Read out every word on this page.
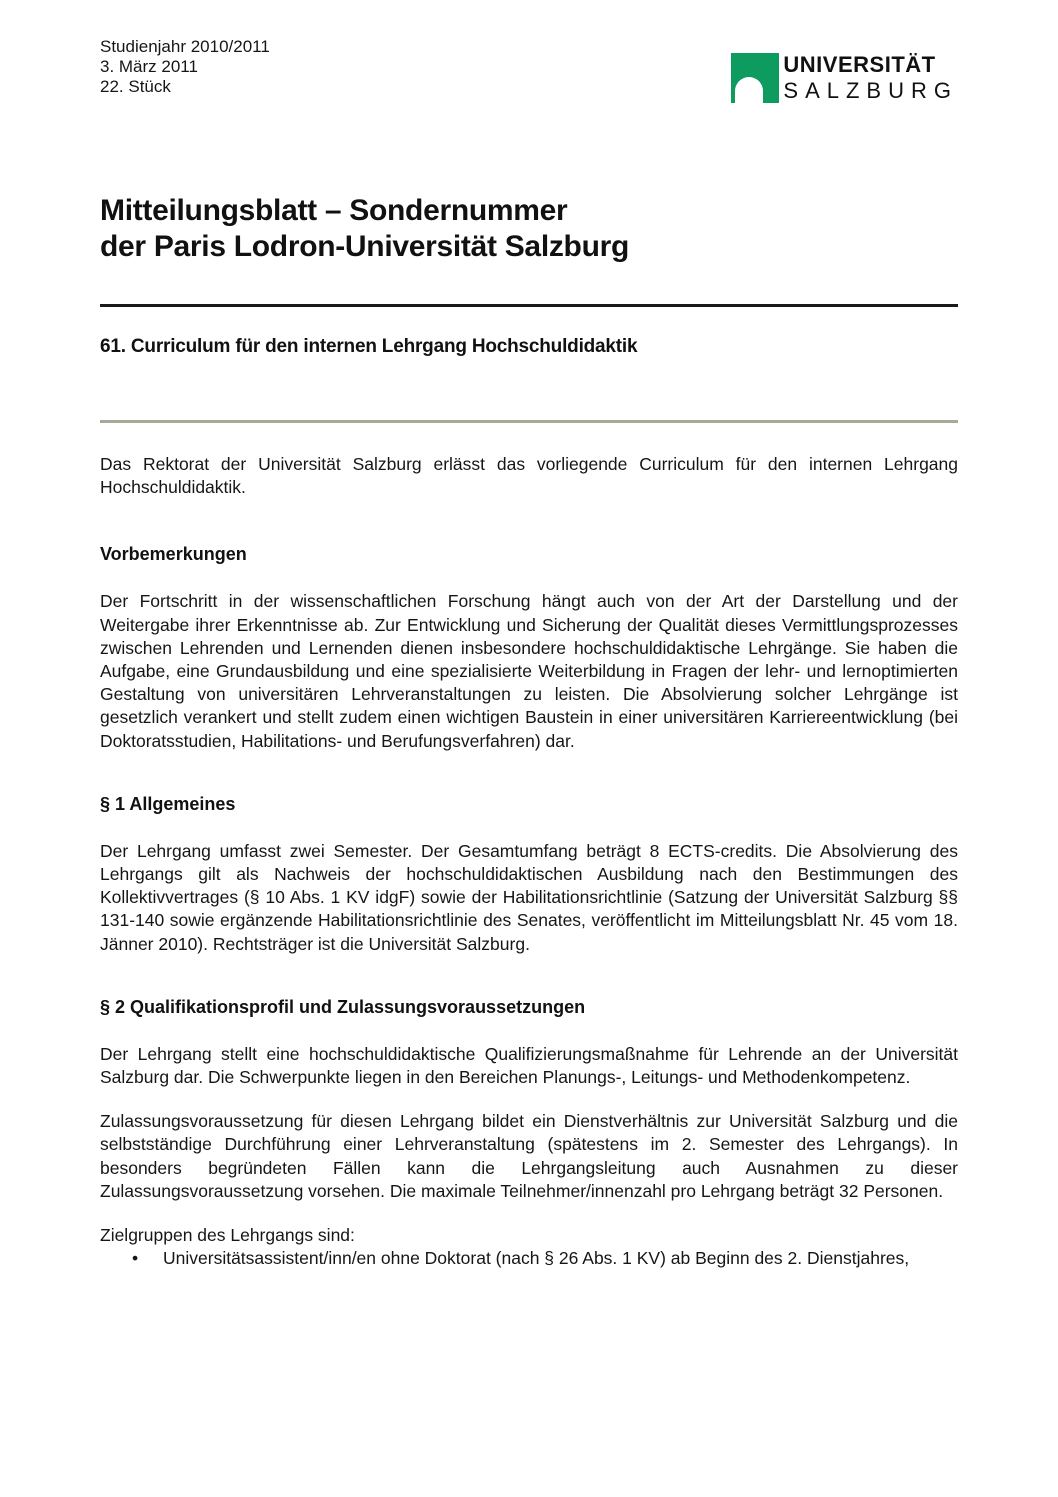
Studienjahr 2010/2011
3. März 2011
22. Stück
UNIVERSITÄT
SALZBURG
Mitteilungsblatt – Sondernummer
der Paris Lodron-Universität Salzburg
61. Curriculum für den internen Lehrgang Hochschuldidaktik

Das Rektorat der Universität Salzburg erlässt das vorliegende Curriculum für den internen Lehrgang Hochschuldidaktik.

Vorbemerkungen

Der Fortschritt in der wissenschaftlichen Forschung hängt auch von der Art der Darstellung und der Weitergabe ihrer Erkenntnisse ab. Zur Entwicklung und Sicherung der Qualität dieses Vermittlungsprozesses zwischen Lehrenden und Lernenden dienen insbesondere hochschuldidaktische Lehrgänge. Sie haben die Aufgabe, eine Grundausbildung und eine spezialisierte Weiterbildung in Fragen der lehr- und lernoptimierten Gestaltung von universitären Lehrveranstaltungen zu leisten. Die Absolvierung solcher Lehrgänge ist gesetzlich verankert und stellt zudem einen wichtigen Baustein in einer universitären Karriereentwicklung (bei Doktoratsstudien, Habilitations- und Berufungsverfahren) dar.

§ 1 Allgemeines

Der Lehrgang umfasst zwei Semester. Der Gesamtumfang beträgt 8 ECTS-credits. Die Absolvierung des Lehrgangs gilt als Nachweis der hochschuldidaktischen Ausbildung nach den Bestimmungen des Kollektivvertrages (§ 10 Abs. 1 KV idgF) sowie der Habilitationsrichtlinie (Satzung der Universität Salzburg §§ 131-140 sowie ergänzende Habilitationsrichtlinie des Senates, veröffentlicht im Mitteilungsblatt Nr. 45 vom 18. Jänner 2010). Rechtsträger ist die Universität Salzburg.

§ 2 Qualifikationsprofil und Zulassungsvoraussetzungen

Der Lehrgang stellt eine hochschuldidaktische Qualifizierungsmaßnahme für Lehrende an der Universität Salzburg dar. Die Schwerpunkte liegen in den Bereichen Planungs-, Leitungs- und Methodenkompetenz.

Zulassungsvoraussetzung für diesen Lehrgang bildet ein Dienstverhältnis zur Universität Salzburg und die selbstständige Durchführung einer Lehrveranstaltung (spätestens im 2. Semester des Lehrgangs). In besonders begründeten Fällen kann die Lehrgangsleitung auch Ausnahmen zu dieser Zulassungsvoraussetzung vorsehen. Die maximale Teilnehmer/innenzahl pro Lehrgang beträgt 32 Personen.

Zielgruppen des Lehrgangs sind:

• Universitätsassistent/inn/en ohne Doktorat (nach § 26 Abs. 1 KV) ab Beginn des 2. Dienstjahres,
